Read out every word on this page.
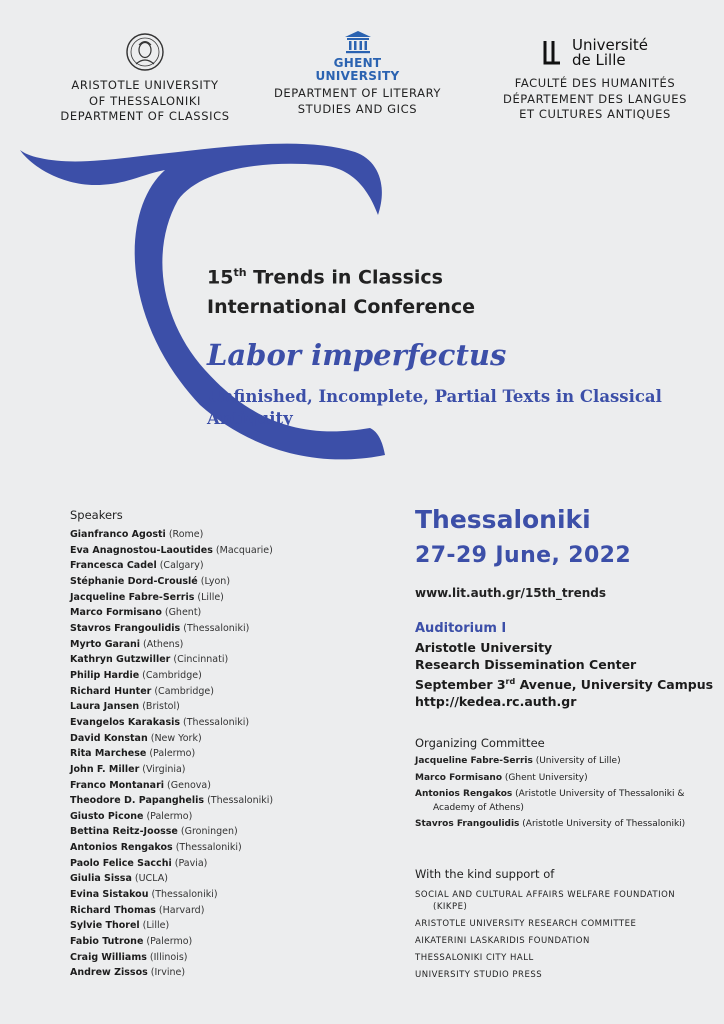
ARISTOTLE UNIVERSITY
OF THESSALONIKI
DEPARTMENT OF CLASSICS
GHENT
UNIVERSITY
DEPARTMENT OF LITERARY
STUDIES AND GICS
Université
de Lille
FACULTÉ DES HUMANITÉS
DÉPARTEMENT DES LANGUES
ET CULTURES ANTIQUES
15th Trends in Classics
International Conference
Labor imperfectus
Unfinished, Incomplete, Partial Texts in Classical
Antiquity
Speakers
Gianfranco Agosti (Rome)
Eva Anagnostou-Laoutides (Macquarie)
Francesca Cadel (Calgary)
Stéphanie Dord-Crouslé (Lyon)
Jacqueline Fabre-Serris (Lille)
Marco Formisano (Ghent)
Stavros Frangoulidis (Thessaloniki)
Myrto Garani (Athens)
Kathryn Gutzwiller (Cincinnati)
Philip Hardie (Cambridge)
Richard Hunter (Cambridge)
Laura Jansen (Bristol)
Evangelos Karakasis (Thessaloniki)
David Konstan (New York)
Rita Marchese (Palermo)
John F. Miller (Virginia)
Franco Montanari (Genova)
Theodore D. Papanghelis (Thessaloniki)
Giusto Picone (Palermo)
Bettina Reitz-Joosse (Groningen)
Antonios Rengakos (Thessaloniki)
Paolo Felice Sacchi (Pavia)
Giulia Sissa (UCLA)
Evina Sistakou (Thessaloniki)
Richard Thomas (Harvard)
Sylvie Thorel (Lille)
Fabio Tutrone (Palermo)
Craig Williams (Illinois)
Andrew Zissos (Irvine)
Thessaloniki
27-29 June, 2022
www.lit.auth.gr/15th_trends
Auditorium I
Aristotle University
Research Dissemination Center
September 3rd Avenue, University Campus
http://kedea.rc.auth.gr
Organizing Committee
Jacqueline Fabre-Serris (University of Lille)
Marco Formisano (Ghent University)
Antonios Rengakos (Aristotle University of Thessaloniki &
Academy of Athens)
Stavros Frangoulidis (Aristotle University of Thessaloniki)
With the kind support of
SOCIAL AND CULTURAL AFFAIRS WELFARE FOUNDATION
(KIKPE)
ARISTOTLE UNIVERSITY RESEARCH COMMITTEE
AIKATERINI LASKARIDIS FOUNDATION
THESSALONIKI CITY HALL
UNIVERSITY STUDIO PRESS
